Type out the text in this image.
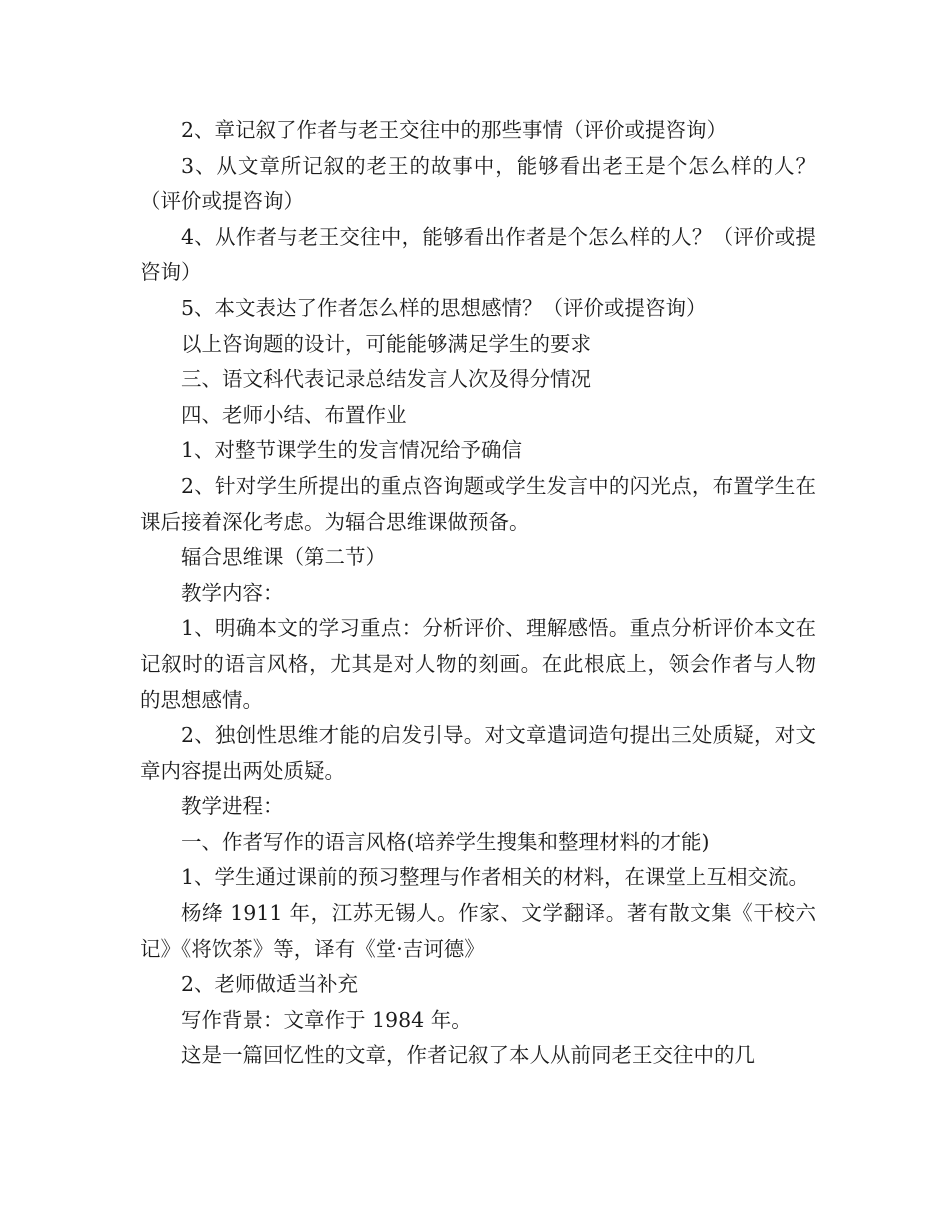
2、章记叙了作者与老王交往中的那些事情（评价或提咨询）

3、从文章所记叙的老王的故事中，能够看出老王是个怎么样的人？（评价或提咨询）

4、从作者与老王交往中，能够看出作者是个怎么样的人？（评价或提咨询）

5、本文表达了作者怎么样的思想感情？（评价或提咨询）

以上咨询题的设计，可能能够满足学生的要求

三、语文科代表记录总结发言人次及得分情况

四、老师小结、布置作业

1、对整节课学生的发言情况给予确信

2、针对学生所提出的重点咨询题或学生发言中的闪光点，布置学生在课后接着深化考虑。为辐合思维课做预备。

辐合思维课（第二节）

教学内容：

1、明确本文的学习重点：分析评价、理解感悟。重点分析评价本文在记叙时的语言风格，尤其是对人物的刻画。在此根底上，领会作者与人物的思想感情。

2、独创性思维才能的启发引导。对文章遣词造句提出三处质疑，对文章内容提出两处质疑。

教学进程：

一、作者写作的语言风格(培养学生搜集和整理材料的才能)

1、学生通过课前的预习整理与作者相关的材料，在课堂上互相交流。

杨绛 1911 年，江苏无锡人。作家、文学翻译。著有散文集《干校六记》《将饮茶》等，译有《堂·吉诃德》

2、老师做适当补充

写作背景：文章作于 1984 年。

这是一篇回忆性的文章，作者记叙了本人从前同老王交往中的几
